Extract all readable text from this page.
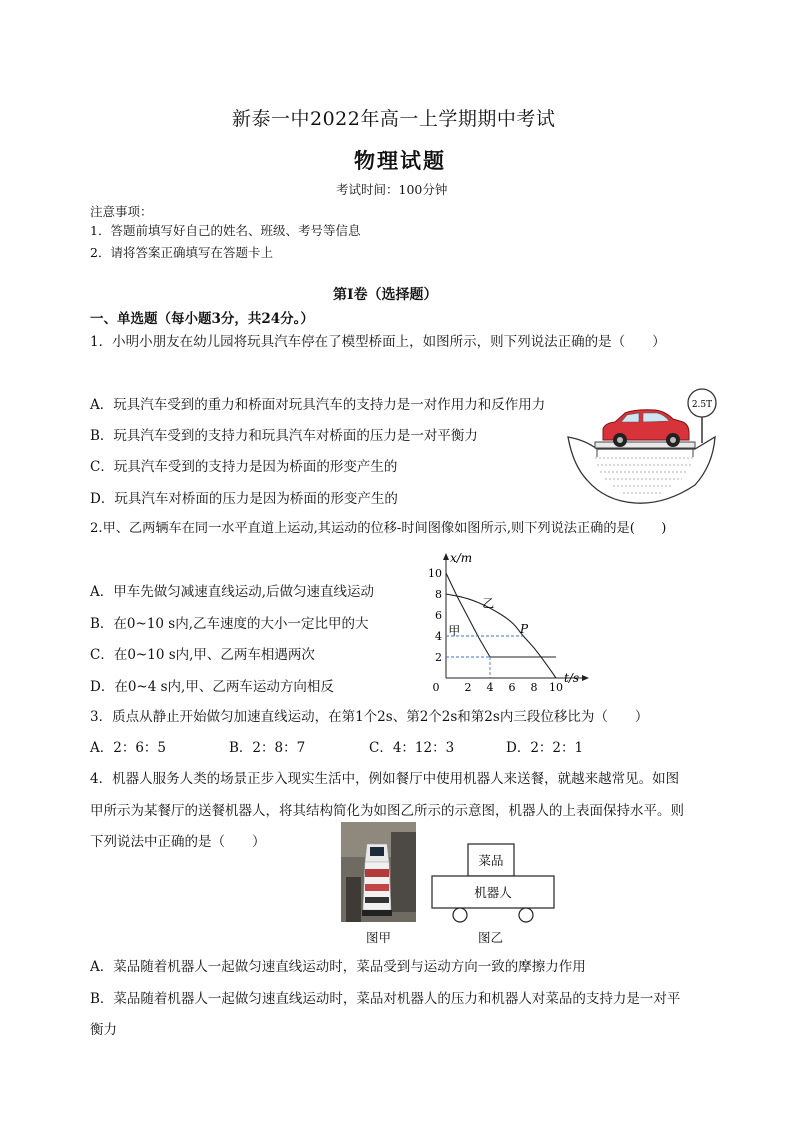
新泰一中2022年高一上学期期中考试
物理试题
考试时间：100分钟
注意事项：
1．答题前填写好自己的姓名、班级、考号等信息
2．请将答案正确填写在答题卡上
第I卷（选择题）
一、单选题（每小题3分，共24分。）
1．小明小朋友在幼儿园将玩具汽车停在了模型桥面上，如图所示，则下列说法正确的是（　　）
A．玩具汽车受到的重力和桥面对玩具汽车的支持力是一对作用力和反作用力
B．玩具汽车受到的支持力和玩具汽车对桥面的压力是一对平衡力
C．玩具汽车受到的支持力是因为桥面的形变产生的
D．玩具汽车对桥面的压力是因为桥面的形变产生的
2.5T
2.甲、乙两辆车在同一水平直道上运动,其运动的位移-时间图像如图所示,则下列说法正确的是(　　)
A．甲车先做匀减速直线运动,后做匀速直线运动
B．在0~10 s内,乙车速度的大小一定比甲的大
C．在0~10 s内,甲、乙两车相遇两次
D．在0~4 s内,甲、乙两车运动方向相反
x/m
t/s
0 2 4 6 8 10
2
4
6
8
10
甲
乙
P
3．质点从静止开始做匀加速直线运动，在第1个2s、第2个2s和第2s内三段位移比为（　　）
A．2：6：5	B．2：8：7	C．4：12：3	D．2：2：1
4．机器人服务人类的场景正步入现实生活中，例如餐厅中使用机器人来送餐，就越来越常见。如图
甲所示为某餐厅的送餐机器人，将其结构简化为如图乙所示的示意图，机器人的上表面保持水平。则
下列说法中正确的是（　　）
图甲
菜品
机器人
图乙
A．菜品随着机器人一起做匀速直线运动时，菜品受到与运动方向一致的摩擦力作用
B．菜品随着机器人一起做匀速直线运动时，菜品对机器人的压力和机器人对菜品的支持力是一对平
衡力
